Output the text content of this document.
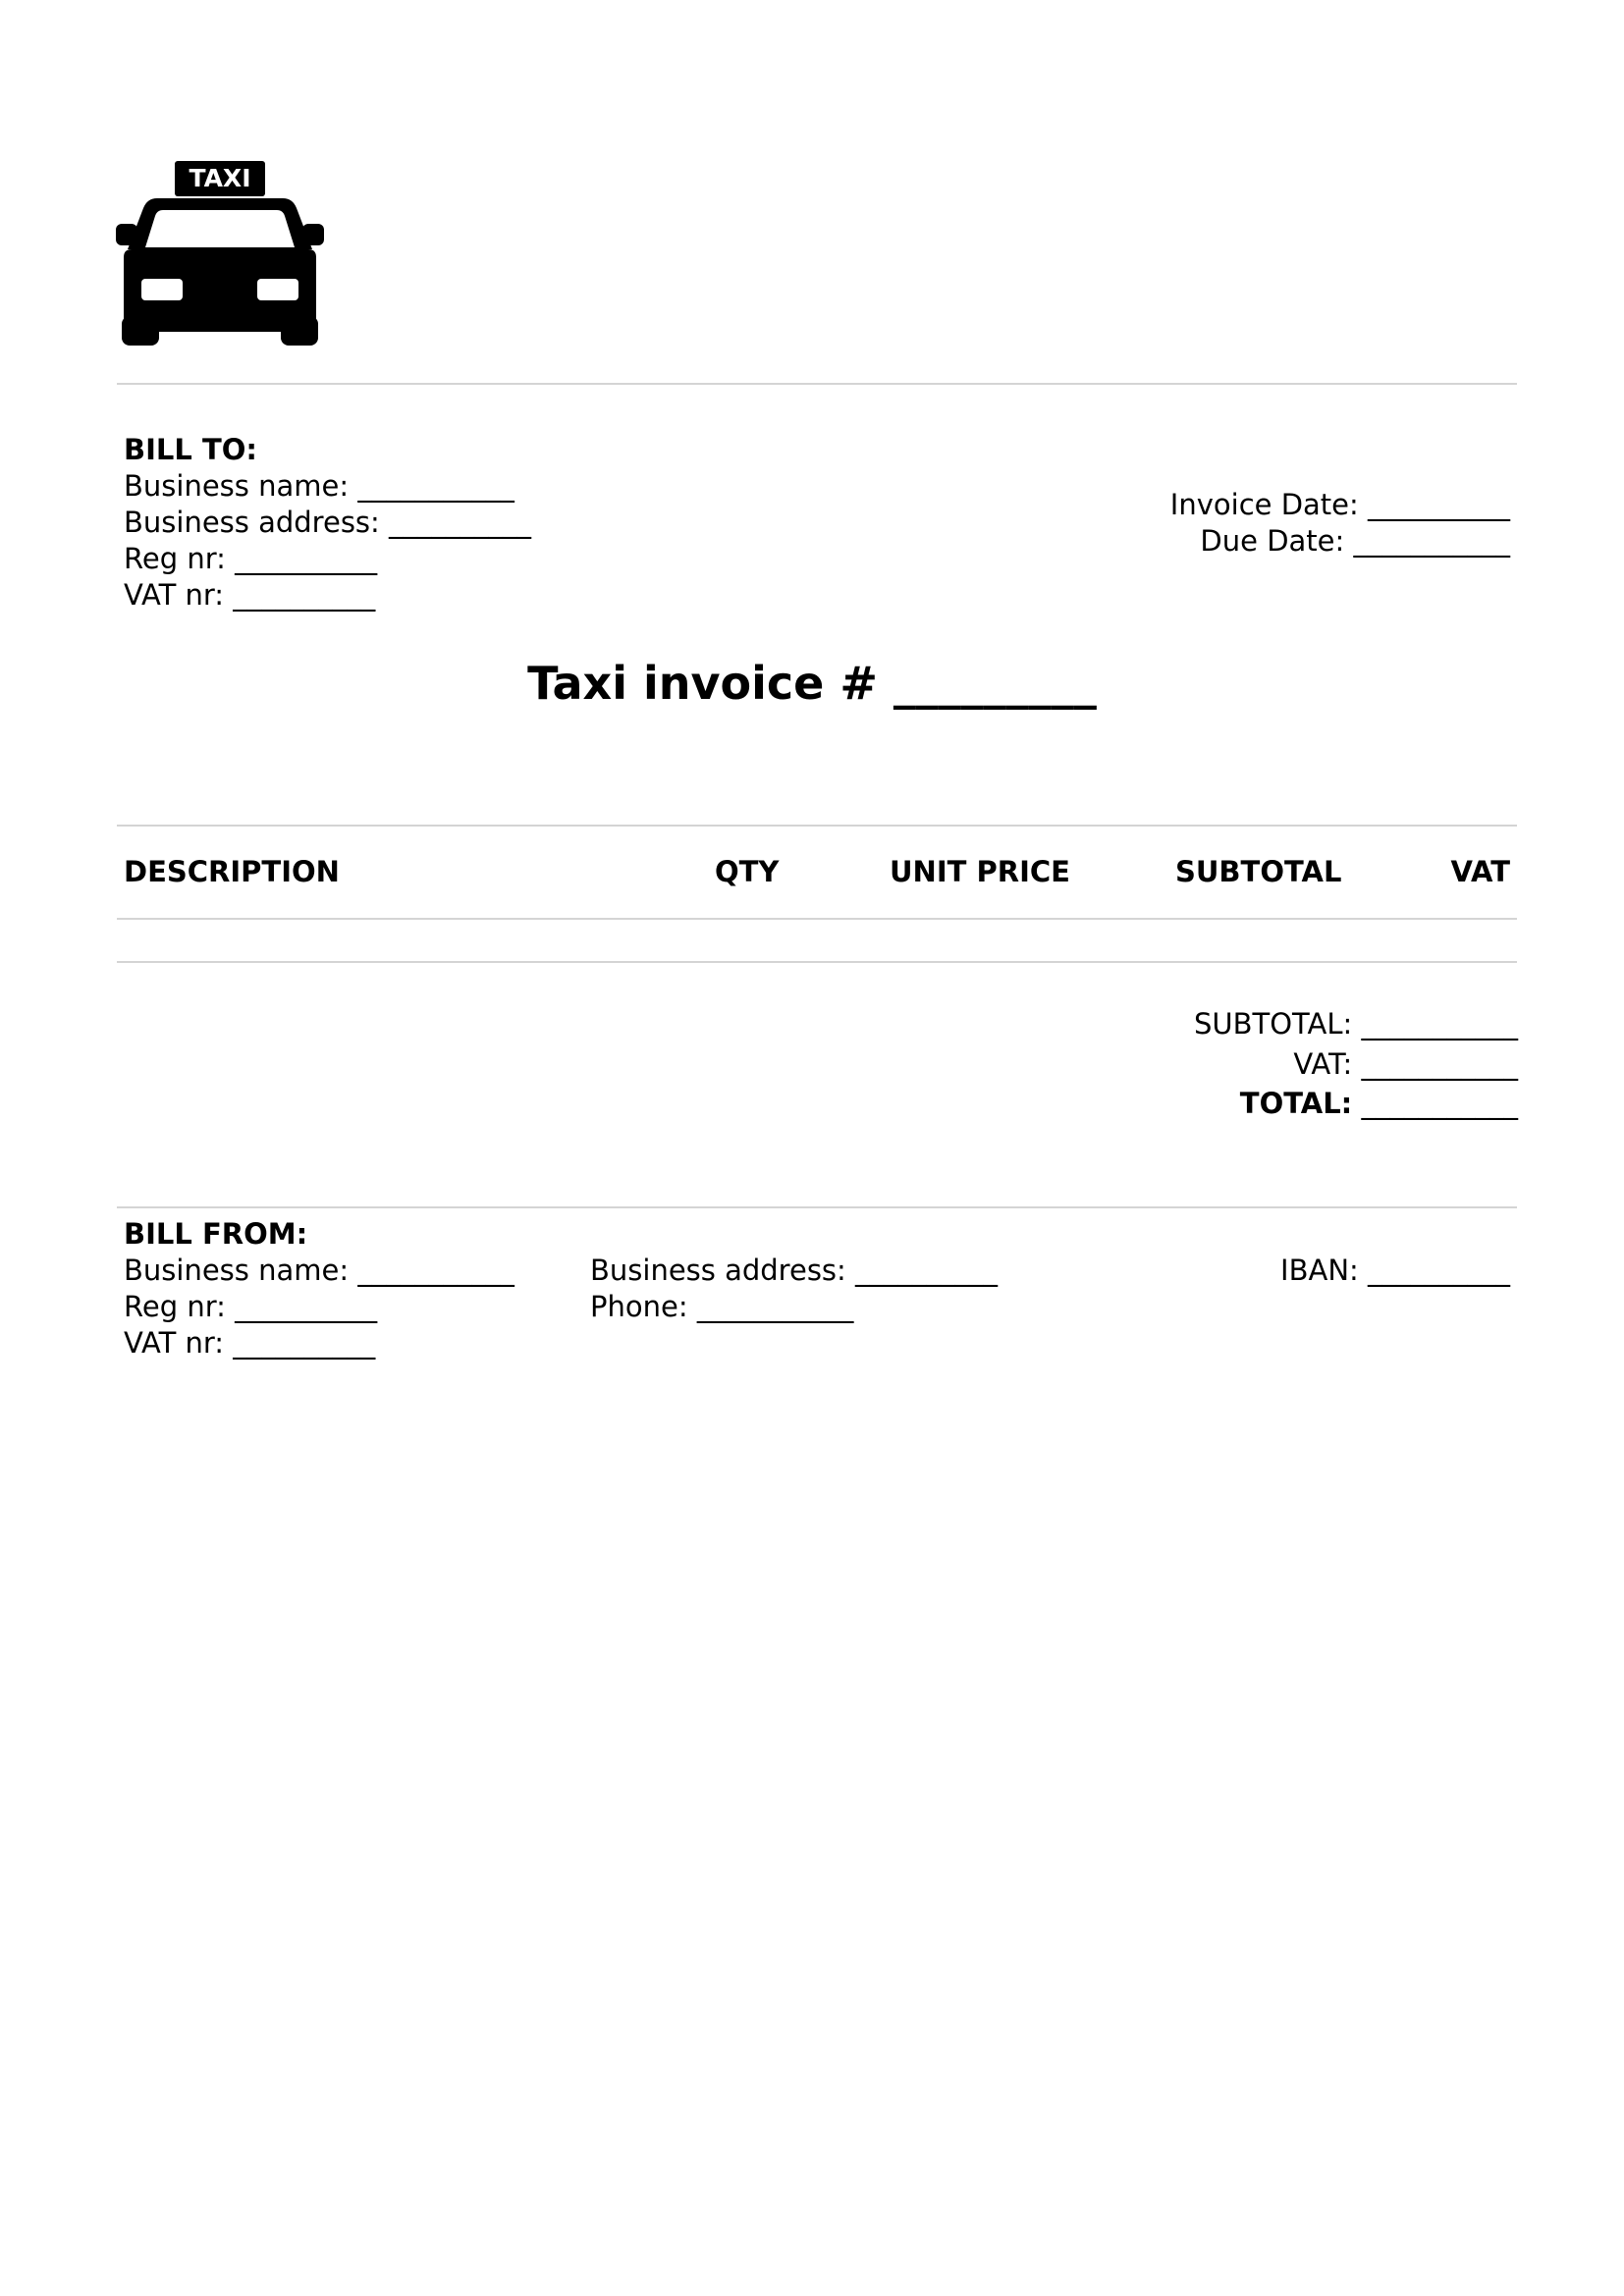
TAXI
BILL TO:
Business name: ___________
Business address: __________
Reg nr: __________
VAT nr: __________
Invoice Date: __________
Due Date: ___________
Taxi invoice # _________
DESCRIPTION	QTY	UNIT PRICE	SUBTOTAL	VAT
SUBTOTAL: ___________
VAT: ___________
TOTAL: ___________
BILL FROM:
Business name: ___________
Reg nr: __________
VAT nr: __________
Business address: __________
Phone: ___________
IBAN: __________
